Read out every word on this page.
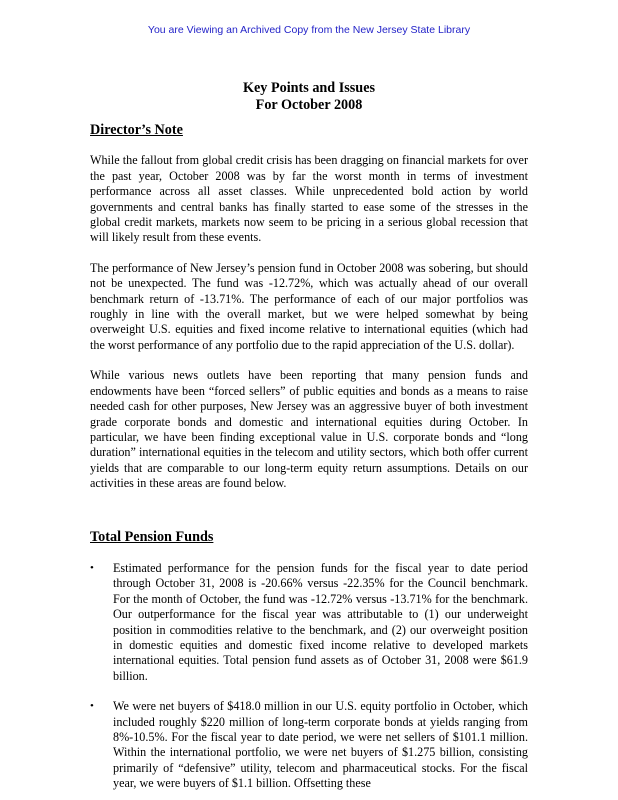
You are Viewing an Archived Copy from the New Jersey State Library
Key Points and Issues
For October 2008
Director’s Note

While the fallout from global credit crisis has been dragging on financial markets for over the past year, October 2008 was by far the worst month in terms of investment performance across all asset classes. While unprecedented bold action by world governments and central banks has finally started to ease some of the stresses in the global credit markets, markets now seem to be pricing in a serious global recession that will likely result from these events.

The performance of New Jersey’s pension fund in October 2008 was sobering, but should not be unexpected. The fund was -12.72%, which was actually ahead of our overall benchmark return of -13.71%. The performance of each of our major portfolios was roughly in line with the overall market, but we were helped somewhat by being overweight U.S. equities and fixed income relative to international equities (which had the worst performance of any portfolio due to the rapid appreciation of the U.S. dollar).

While various news outlets have been reporting that many pension funds and endowments have been “forced sellers” of public equities and bonds as a means to raise needed cash for other purposes, New Jersey was an aggressive buyer of both investment grade corporate bonds and domestic and international equities during October. In particular, we have been finding exceptional value in U.S. corporate bonds and “long duration” international equities in the telecom and utility sectors, which both offer current yields that are comparable to our long-term equity return assumptions. Details on our activities in these areas are found below.

Total Pension Funds
•	Estimated performance for the pension funds for the fiscal year to date period through October 31, 2008 is -20.66% versus -22.35% for the Council benchmark. For the month of October, the fund was -12.72% versus -13.71% for the benchmark. Our outperformance for the fiscal year was attributable to (1) our underweight position in commodities relative to the benchmark, and (2) our overweight position in domestic equities and domestic fixed income relative to developed markets international equities. Total pension fund assets as of October 31, 2008 were $61.9 billion.
•	We were net buyers of $418.0 million in our U.S. equity portfolio in October, which included roughly $220 million of long-term corporate bonds at yields ranging from 8%-10.5%. For the fiscal year to date period, we were net sellers of $101.1 million. Within the international portfolio, we were net buyers of $1.275 billion, consisting primarily of “defensive” utility, telecom and pharmaceutical stocks. For the fiscal year, we were buyers of $1.1 billion. Offsetting these
